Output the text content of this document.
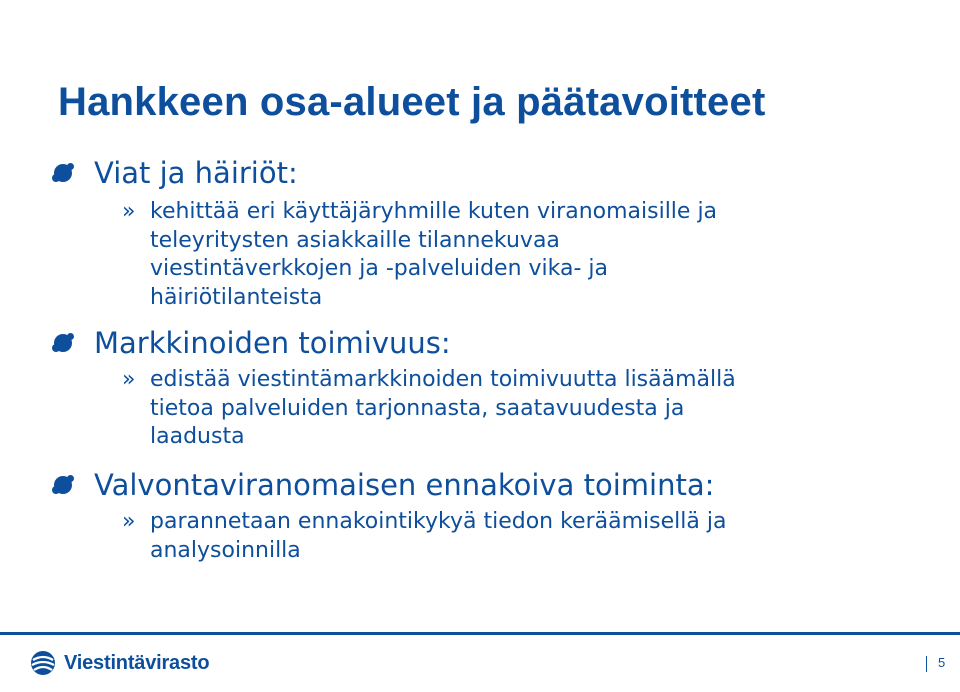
Hankkeen osa-alueet ja päätavoitteet
Viat ja häiriöt:
» kehittää eri käyttäjäryhmille kuten viranomaisille ja
teleyritysten asiakkaille tilannekuvaa
viestintäverkkojen ja -palveluiden vika- ja
häiriötilanteista
Markkinoiden toimivuus:
» edistää viestintämarkkinoiden toimivuutta lisäämällä
tietoa palveluiden tarjonnasta, saatavuudesta ja
laadusta
Valvontaviranomaisen ennakoiva toiminta:
» parannetaan ennakointikykyä tiedon keräämisellä ja
analysoinnilla
Viestintävirasto	5
